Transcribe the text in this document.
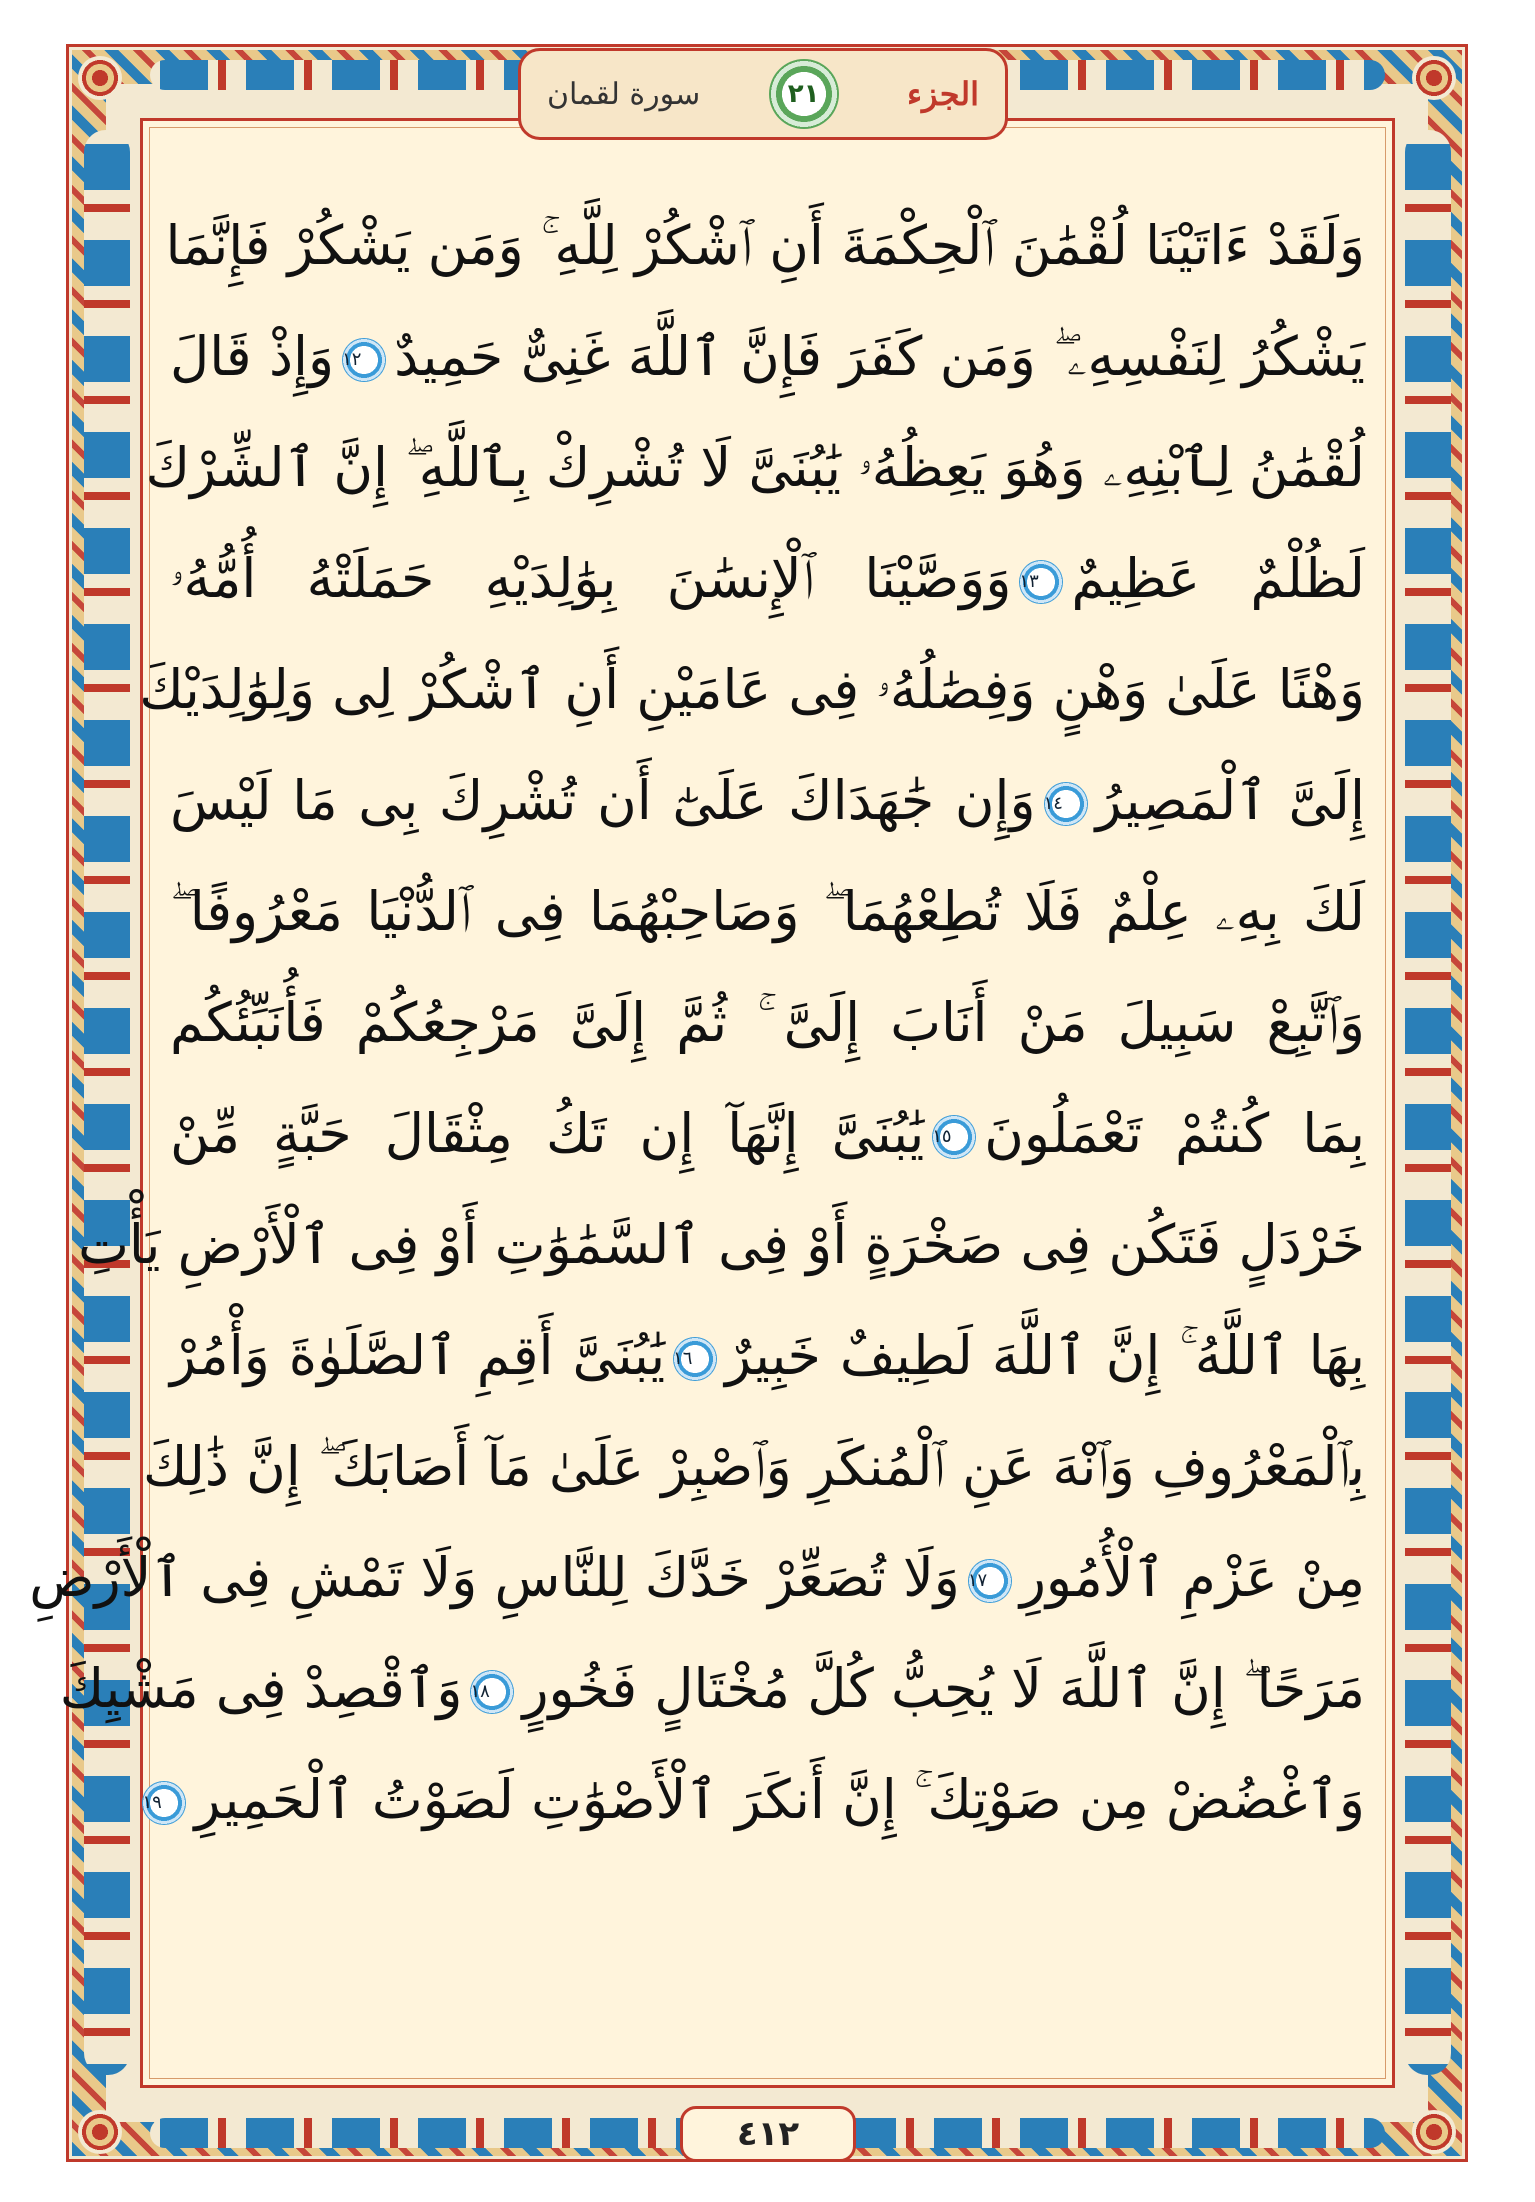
سورة لقمان	٢١	الجزء
وَلَقَدْ ءَاتَيْنَا لُقْمَٰنَ ٱلْحِكْمَةَ أَنِ ٱشْكُرْ لِلَّهِ ۚ وَمَن يَشْكُرْ فَإِنَّمَا
يَشْكُرُ لِنَفْسِهِۦ ۖ وَمَن كَفَرَ فَإِنَّ ٱللَّهَ غَنِىٌّ حَمِيدٌ١٢وَإِذْ قَالَ
لُقْمَٰنُ لِٱبْنِهِۦ وَهُوَ يَعِظُهُۥ يَٰبُنَىَّ لَا تُشْرِكْ بِٱللَّهِ ۖ إِنَّ ٱلشِّرْكَ
لَظُلْمٌ عَظِيمٌ١٣وَوَصَّيْنَا ٱلْإِنسَٰنَ بِوَٰلِدَيْهِ حَمَلَتْهُ أُمُّهُۥ
وَهْنًا عَلَىٰ وَهْنٍ وَفِصَٰلُهُۥ فِى عَامَيْنِ أَنِ ٱشْكُرْ لِى وَلِوَٰلِدَيْكَ
إِلَىَّ ٱلْمَصِيرُ١٤وَإِن جَٰهَدَاكَ عَلَىٰٓ أَن تُشْرِكَ بِى مَا لَيْسَ
لَكَ بِهِۦ عِلْمٌ فَلَا تُطِعْهُمَا ۖ وَصَاحِبْهُمَا فِى ٱلدُّنْيَا مَعْرُوفًا ۖ
وَٱتَّبِعْ سَبِيلَ مَنْ أَنَابَ إِلَىَّ ۚ ثُمَّ إِلَىَّ مَرْجِعُكُمْ فَأُنَبِّئُكُم
بِمَا كُنتُمْ تَعْمَلُونَ١٥يَٰبُنَىَّ إِنَّهَآ إِن تَكُ مِثْقَالَ حَبَّةٍ مِّنْ
خَرْدَلٍ فَتَكُن فِى صَخْرَةٍ أَوْ فِى ٱلسَّمَٰوَٰتِ أَوْ فِى ٱلْأَرْضِ يَأْتِ
بِهَا ٱللَّهُ ۚ إِنَّ ٱللَّهَ لَطِيفٌ خَبِيرٌ١٦يَٰبُنَىَّ أَقِمِ ٱلصَّلَوٰةَ وَأْمُرْ
بِٱلْمَعْرُوفِ وَٱنْهَ عَنِ ٱلْمُنكَرِ وَٱصْبِرْ عَلَىٰ مَآ أَصَابَكَ ۖ إِنَّ ذَٰلِكَ
مِنْ عَزْمِ ٱلْأُمُورِ١٧وَلَا تُصَعِّرْ خَدَّكَ لِلنَّاسِ وَلَا تَمْشِ فِى ٱلْأَرْضِ
مَرَحًا ۖ إِنَّ ٱللَّهَ لَا يُحِبُّ كُلَّ مُخْتَالٍ فَخُورٍ١٨وَٱقْصِدْ فِى مَشْيِكَ
وَٱغْضُضْ مِن صَوْتِكَ ۚ إِنَّ أَنكَرَ ٱلْأَصْوَٰتِ لَصَوْتُ ٱلْحَمِيرِ١٩
٤١٢
